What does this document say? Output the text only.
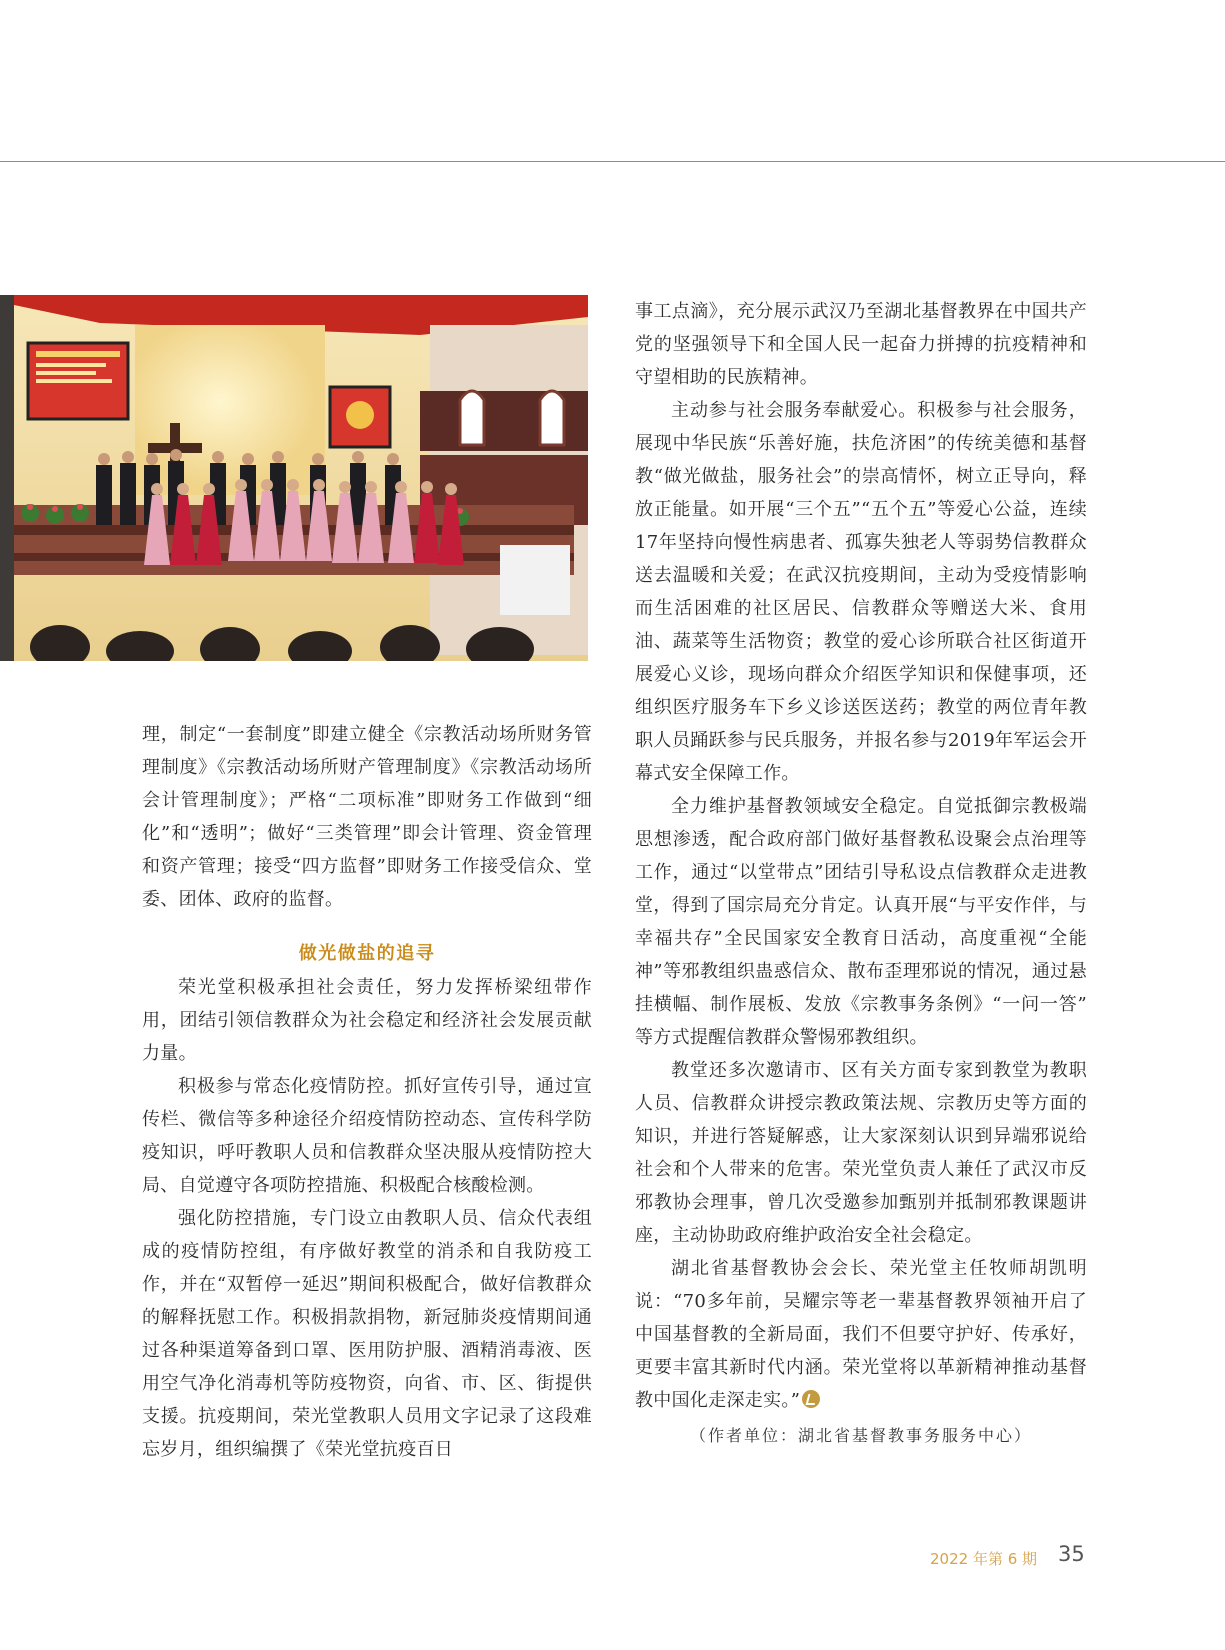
理，制定“一套制度”即建立健全《宗教活动场所财务管理制度》《宗教活动场所财产管理制度》《宗教活动场所会计管理制度》；严格“二项标准”即财务工作做到“细化”和“透明”；做好“三类管理”即会计管理、资金管理和资产管理；接受“四方监督”即财务工作接受信众、堂委、团体、政府的监督。

做光做盐的追寻

荣光堂积极承担社会责任，努力发挥桥梁纽带作用，团结引领信教群众为社会稳定和经济社会发展贡献力量。

积极参与常态化疫情防控。抓好宣传引导，通过宣传栏、微信等多种途径介绍疫情防控动态、宣传科学防疫知识，呼吁教职人员和信教群众坚决服从疫情防控大局、自觉遵守各项防控措施、积极配合核酸检测。

强化防控措施，专门设立由教职人员、信众代表组成的疫情防控组，有序做好教堂的消杀和自我防疫工作，并在“双暂停一延迟”期间积极配合，做好信教群众的解释抚慰工作。积极捐款捐物，新冠肺炎疫情期间通过各种渠道筹备到口罩、医用防护服、酒精消毒液、医用空气净化消毒机等防疫物资，向省、市、区、街提供支援。抗疫期间，荣光堂教职人员用文字记录了这段难忘岁月，组织编撰了《荣光堂抗疫百日

事工点滴》，充分展示武汉乃至湖北基督教界在中国共产党的坚强领导下和全国人民一起奋力拼搏的抗疫精神和守望相助的民族精神。

主动参与社会服务奉献爱心。积极参与社会服务，展现中华民族“乐善好施，扶危济困”的传统美德和基督教“做光做盐，服务社会”的崇高情怀，树立正导向，释放正能量。如开展“三个五”“五个五”等爱心公益，连续17年坚持向慢性病患者、孤寡失独老人等弱势信教群众送去温暖和关爱；在武汉抗疫期间，主动为受疫情影响而生活困难的社区居民、信教群众等赠送大米、食用油、蔬菜等生活物资；教堂的爱心诊所联合社区街道开展爱心义诊，现场向群众介绍医学知识和保健事项，还组织医疗服务车下乡义诊送医送药；教堂的两位青年教职人员踊跃参与民兵服务，并报名参与2019年军运会开幕式安全保障工作。

全力维护基督教领域安全稳定。自觉抵御宗教极端思想渗透，配合政府部门做好基督教私设聚会点治理等工作，通过“以堂带点”团结引导私设点信教群众走进教堂，得到了国宗局充分肯定。认真开展“与平安作伴，与幸福共存”全民国家安全教育日活动，高度重视“全能神”等邪教组织蛊惑信众、散布歪理邪说的情况，通过悬挂横幅、制作展板、发放《宗教事务条例》“一问一答” 等方式提醒信教群众警惕邪教组织。

教堂还多次邀请市、区有关方面专家到教堂为教职人员、信教群众讲授宗教政策法规、宗教历史等方面的知识，并进行答疑解惑，让大家深刻认识到异端邪说给社会和个人带来的危害。荣光堂负责人兼任了武汉市反邪教协会理事，曾几次受邀参加甄别并抵制邪教课题讲座，主动协助政府维护政治安全社会稳定。

湖北省基督教协会会长、荣光堂主任牧师胡凯明说：“70多年前，吴耀宗等老一辈基督教界领袖开启了中国基督教的全新局面，我们不但要守护好、传承好，更要丰富其新时代内涵。荣光堂将以革新精神推动基督教中国化走深走实。”

（作者单位：湖北省基督教事务服务中心）

2022 年第 6 期 35
